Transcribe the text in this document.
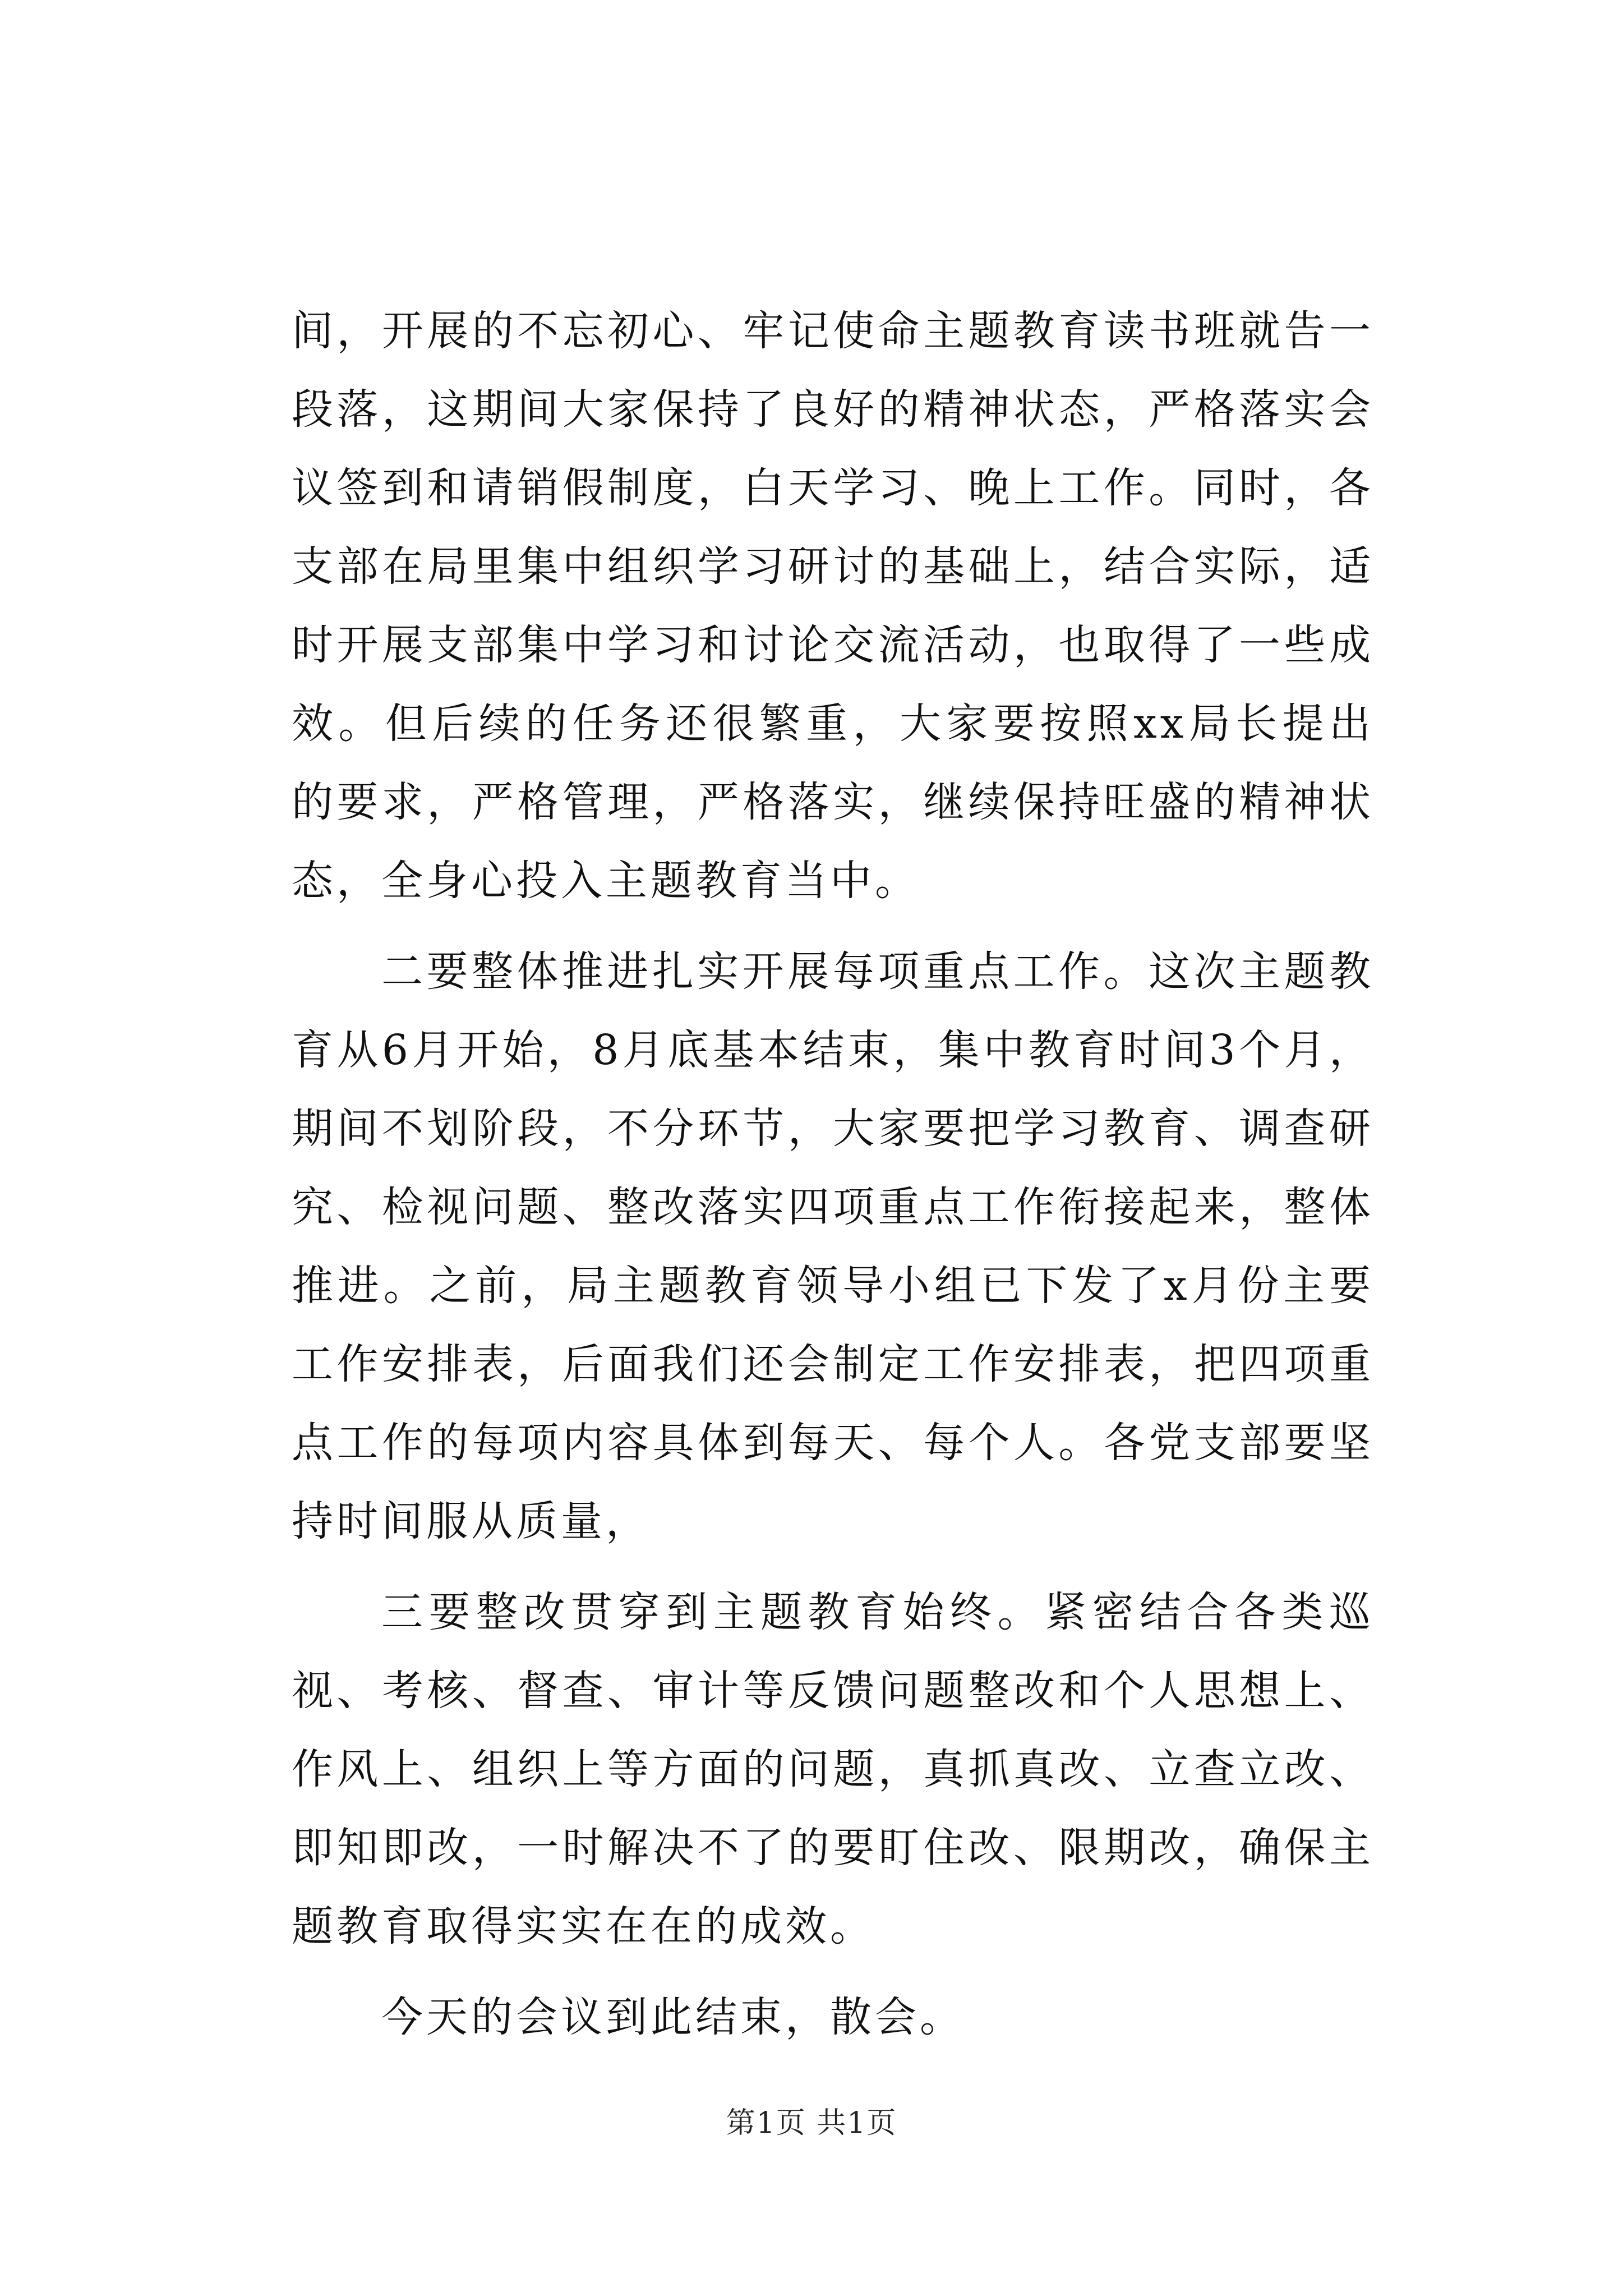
间，开展的不忘初心、牢记使命主题教育读书班就告一段落，这期间大家保持了良好的精神状态，严格落实会议签到和请销假制度，白天学习、晚上工作。同时，各支部在局里集中组织学习研讨的基础上，结合实际，适时开展支部集中学习和讨论交流活动，也取得了一些成效。但后续的任务还很繁重，大家要按照xx局长提出的要求，严格管理，严格落实，继续保持旺盛的精神状态，全身心投入主题教育当中。

二要整体推进扎实开展每项重点工作。这次主题教育从6月开始，8月底基本结束，集中教育时间3个月，期间不划阶段，不分环节，大家要把学习教育、调查研究、检视问题、整改落实四项重点工作衔接起来，整体推进。之前，局主题教育领导小组已下发了x月份主要工作安排表，后面我们还会制定工作安排表，把四项重点工作的每项内容具体到每天、每个人。各党支部要坚持时间服从质量，

三要整改贯穿到主题教育始终。紧密结合各类巡视、考核、督查、审计等反馈问题整改和个人思想上、作风上、组织上等方面的问题，真抓真改、立查立改、即知即改，一时解决不了的要盯住改、限期改，确保主题教育取得实实在在的成效。

今天的会议到此结束，散会。

第1页 共1页
